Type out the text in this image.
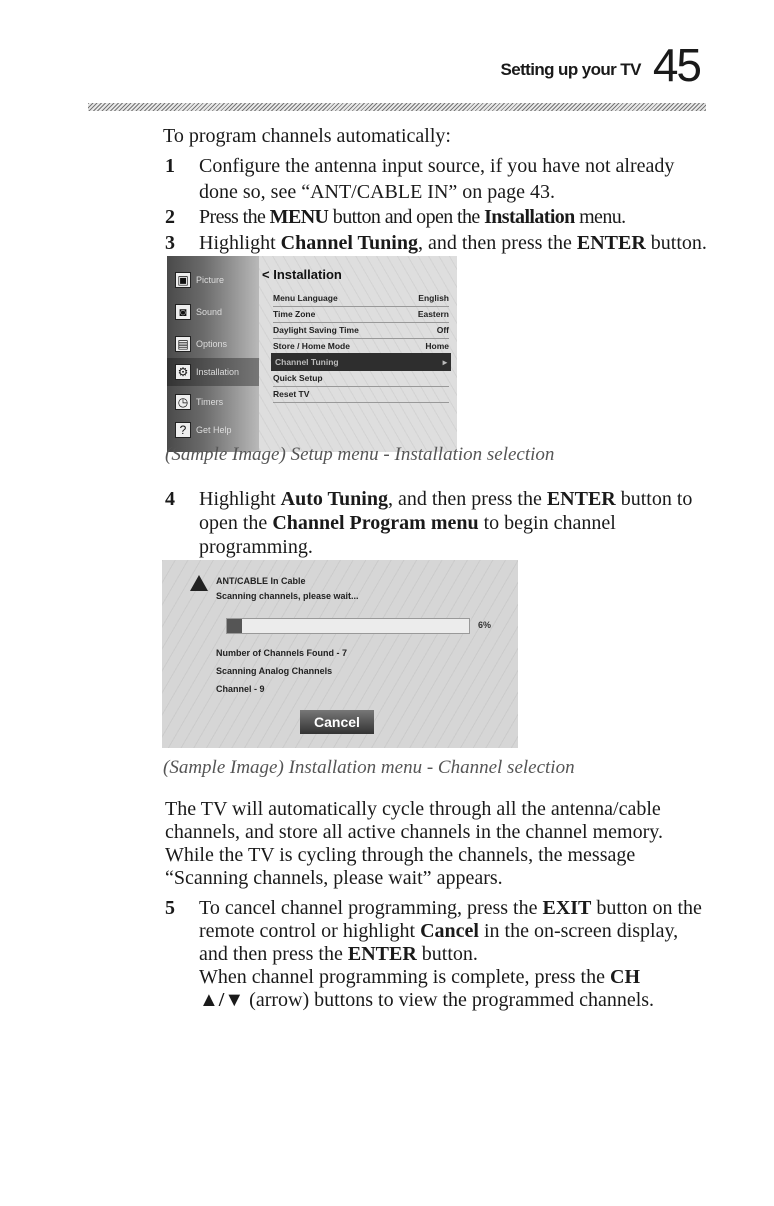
Setting up your TV 45

To program channels automatically:

1 Configure the antenna input source, if you have not already

done so, see “ANT/CABLE IN” on page 43.

2 Press the MENU button and open the Installation menu.

3 Highlight Channel Tuning, and then press the ENTER button.

▣ Picture
◙	Sound
▤ Options
⚙ Installation
◷ Timers
?	Get Help
< Installation
Menu Language	English
Time Zone	Eastern
Daylight Saving Time	Off
Store / Home Mode	Home
Channel Tuning	▸
Quick Setup
Reset TV

(Sample Image) Setup menu - Installation selection

4 Highlight Auto Tuning, and then press the ENTER button to

open the Channel Program menu to begin channel

programming.

ANT/CABLE In Cable
Scanning channels, please wait...
6%
Number of Channels Found - 7
Scanning Analog Channels
Channel - 9
Cancel

(Sample Image) Installation menu - Channel selection

The TV will automatically cycle through all the antenna/cable

channels, and store all active channels in the channel memory.

While the TV is cycling through the channels, the message

“Scanning channels, please wait” appears.

5 To cancel channel programming, press the EXIT button on the

remote control or highlight Cancel in the on-screen display,

and then press the ENTER button.

When channel programming is complete, press the CH

▲/▼ (arrow) buttons to view the programmed channels.
